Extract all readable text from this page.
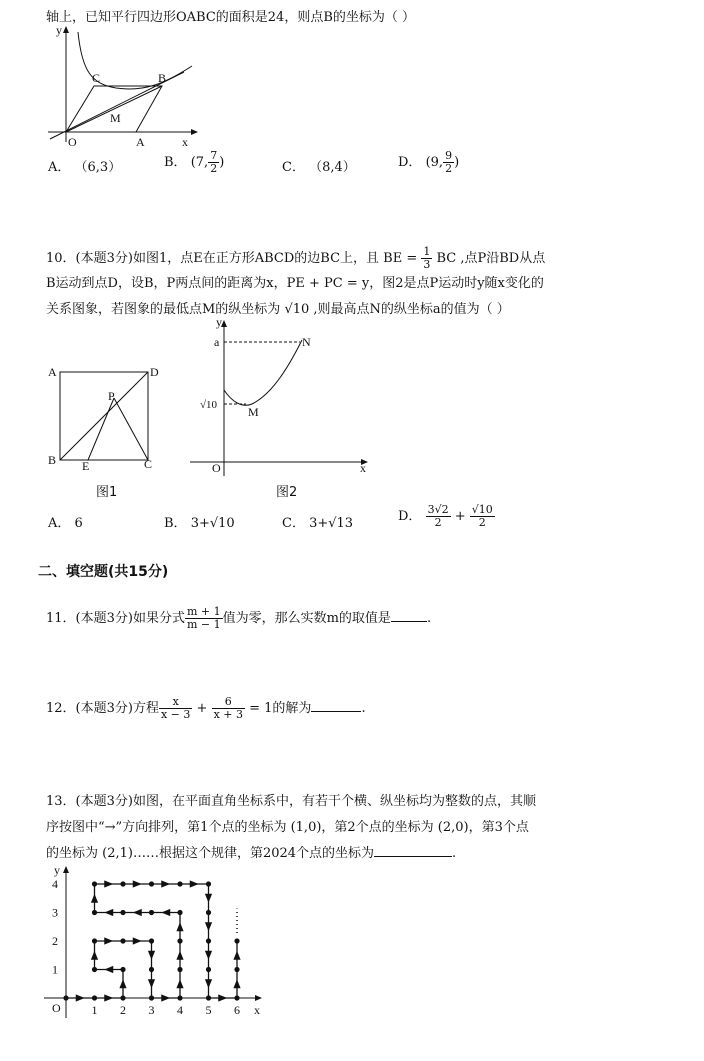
轴上，已知平行四边形OABC的面积是24，则点B的坐标为（ ）
y
x
O	A
B
C
M
A． （6,3）	B． (7, $\frac{7}{2}$ )	C． （8,4）	D． (9, $\frac{9}{2}$ )
10．(本题3分)如图1，点E在正方形ABCD的边BC上，且 BE = $\frac{1}{3}$ BC ,点P沿BD从点
B运动到点D，设B，P两点间的距离为x，PE + PC = y，图2是点P运动时y随x变化的
关系图象，若图象的最低点M的纵坐标为 √10 ,则最高点N的纵坐标a的值为（ ）
A	D
B	C
E
P
图1
y
a	N
√10	M
O	x
图2
A． 6	B． 3+√10	C． 3+√13	D． $\frac{3√2}{2} + \frac{√10}{2}$
二、填空题(共15分)
11．(本题3分)如果分式 $\frac{m + 1}{m - 1}$ 值为零，那么实数m的取值是	.
12．(本题3分)方程 $\frac{x}{x - 3} + \frac{6}{x + 3} = 1$的解为	.
13．(本题3分)如图，在平面直角坐标系中，有若干个横、纵坐标均为整数的点，其顺
序按图中“→”方向排列，第1个点的坐标为 (1,0)，第2个点的坐标为 (2,0)，第3个点
的坐标为 (2,1)……根据这个规律，第2024个点的坐标为	.
y
x
O	1 2 3 4 5 6
1
2
3
4
